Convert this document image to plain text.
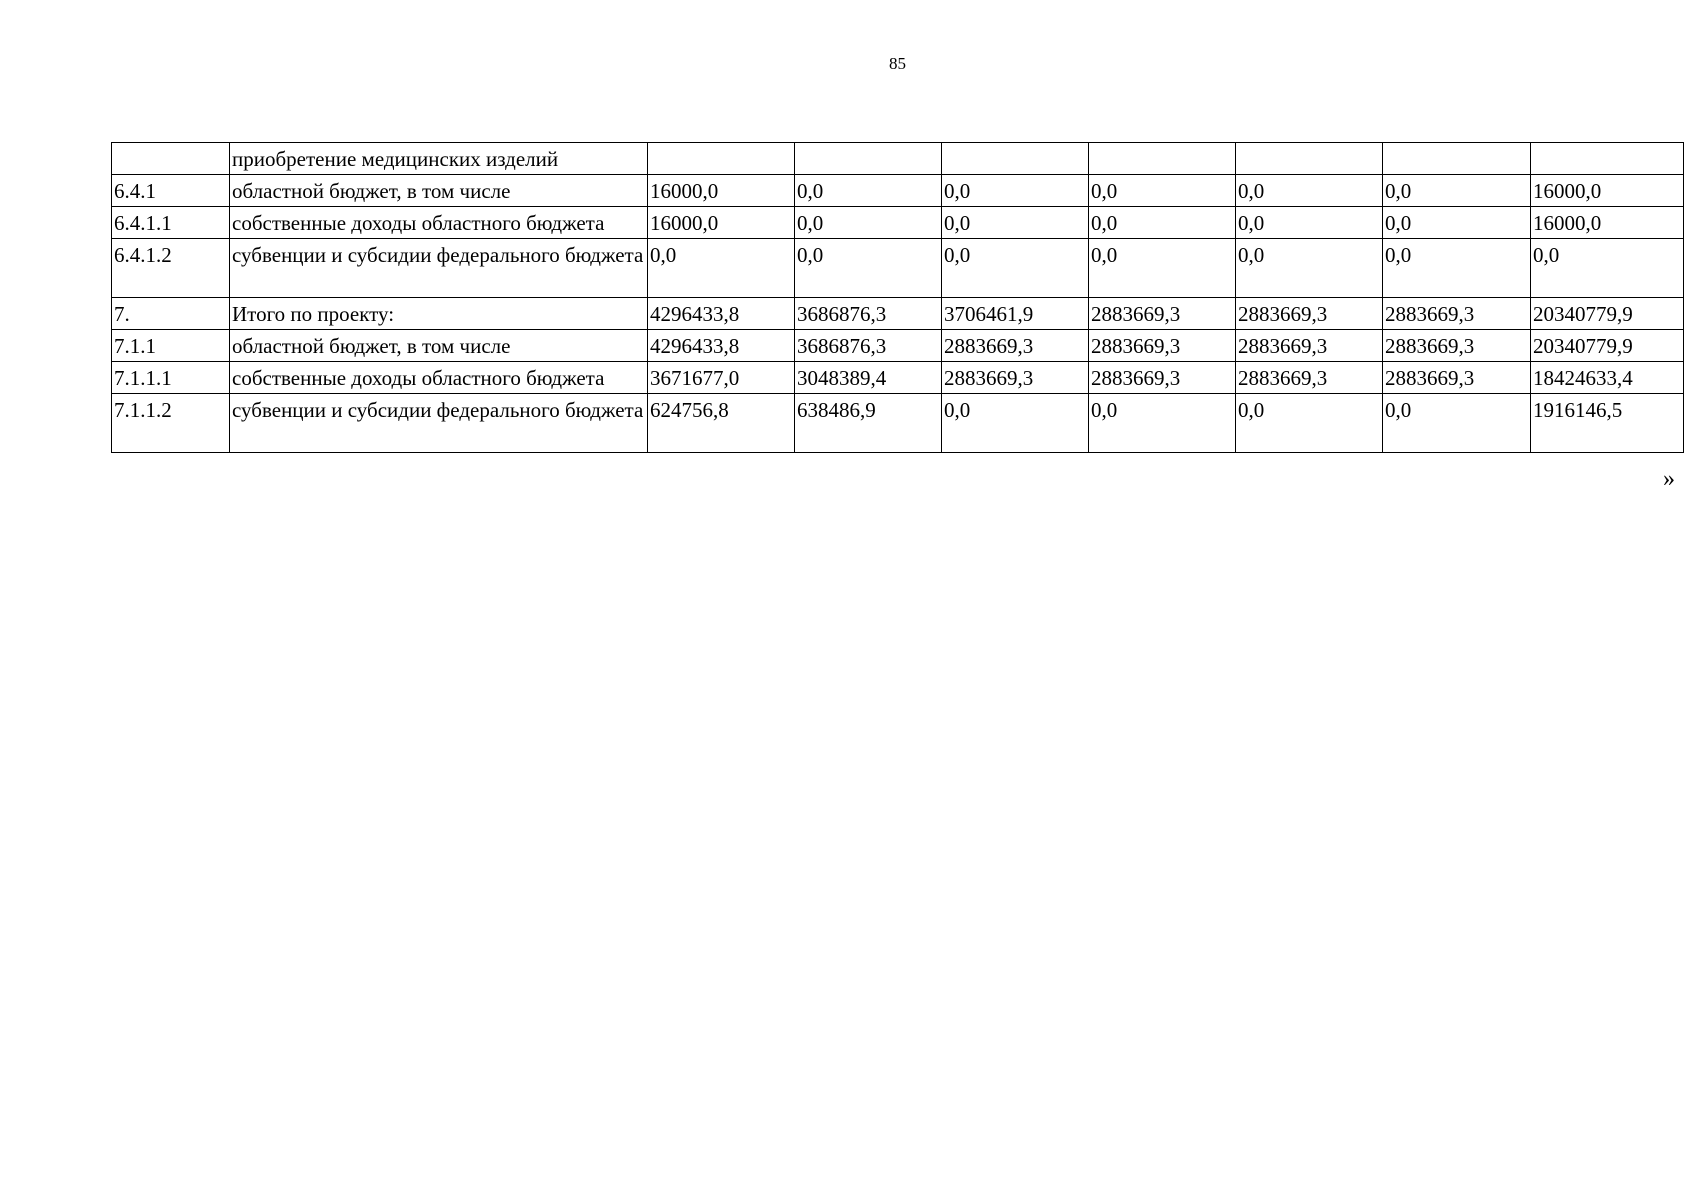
85
	приобретение медицинских изделий							
6.4.1	областной бюджет, в том числе	16000,0	0,0	0,0	0,0	0,0	0,0	16000,0
6.4.1.1	собственные доходы областного бюджета	16000,0	0,0	0,0	0,0	0,0	0,0	16000,0
6.4.1.2	субвенции и субсидии федерального бюджета	0,0	0,0	0,0	0,0	0,0	0,0	0,0
7.	Итого по проекту:	4296433,8	3686876,3	3706461,9	2883669,3	2883669,3	2883669,3	20340779,9
7.1.1	областной бюджет, в том числе	4296433,8	3686876,3	2883669,3	2883669,3	2883669,3	2883669,3	20340779,9
7.1.1.1	собственные доходы областного бюджета	3671677,0	3048389,4	2883669,3	2883669,3	2883669,3	2883669,3	18424633,4
7.1.1.2	субвенции и субсидии федерального бюджета	624756,8	638486,9	0,0	0,0	0,0	0,0	1916146,5
»
